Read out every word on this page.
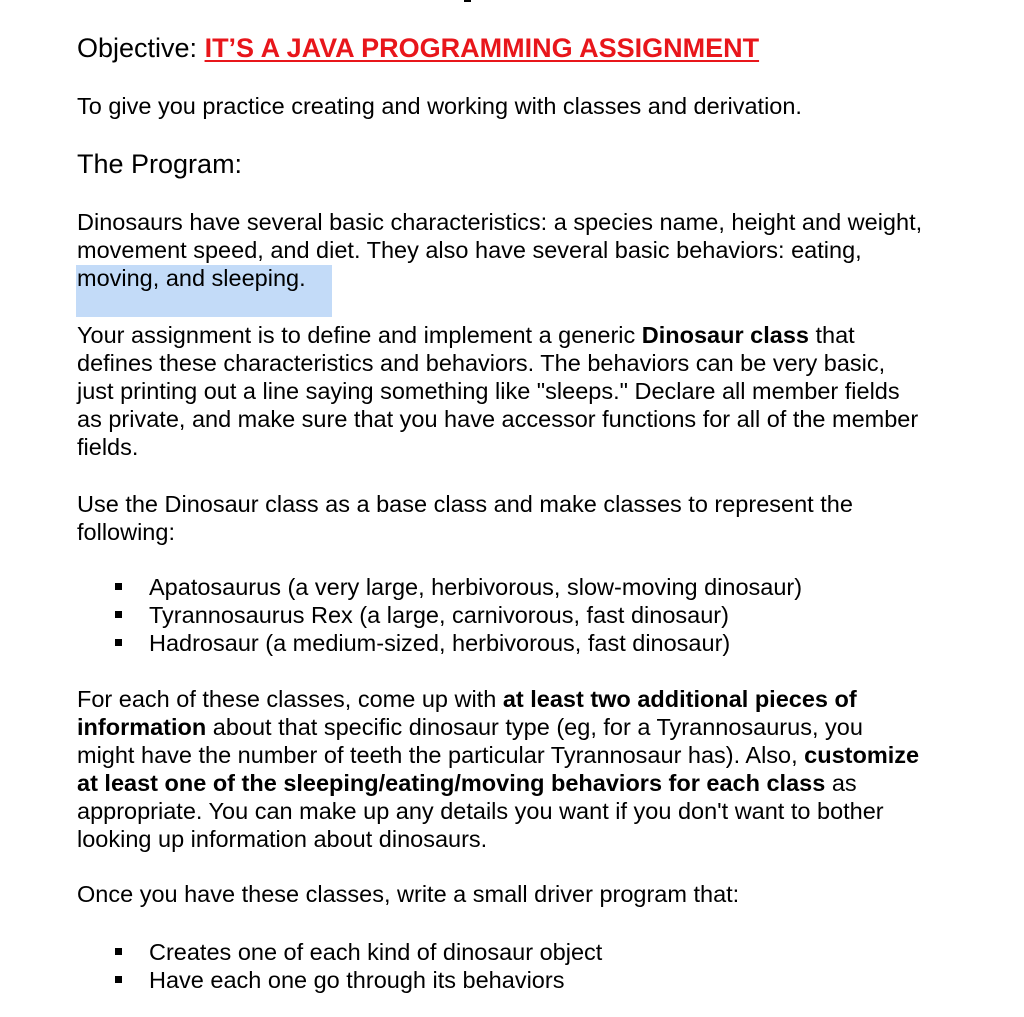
Objective: IT’S A JAVA PROGRAMMING ASSIGNMENT
To give you practice creating and working with classes and derivation.
The Program:
Dinosaurs have several basic characteristics: a species name, height and weight,
movement speed, and diet. They also have several basic behaviors: eating,
moving, and sleeping.
Your assignment is to define and implement a generic Dinosaur class that
defines these characteristics and behaviors. The behaviors can be very basic,
just printing out a line saying something like "sleeps." Declare all member fields
as private, and make sure that you have accessor functions for all of the member
fields.
Use the Dinosaur class as a base class and make classes to represent the
following:
Apatosaurus (a very large, herbivorous, slow-moving dinosaur)
Tyrannosaurus Rex (a large, carnivorous, fast dinosaur)
Hadrosaur (a medium-sized, herbivorous, fast dinosaur)
For each of these classes, come up with at least two additional pieces of
information about that specific dinosaur type (eg, for a Tyrannosaurus, you
might have the number of teeth the particular Tyrannosaur has). Also, customize
at least one of the sleeping/eating/moving behaviors for each class as
appropriate. You can make up any details you want if you don't want to bother
looking up information about dinosaurs.
Once you have these classes, write a small driver program that:
Creates one of each kind of dinosaur object
Have each one go through its behaviors
